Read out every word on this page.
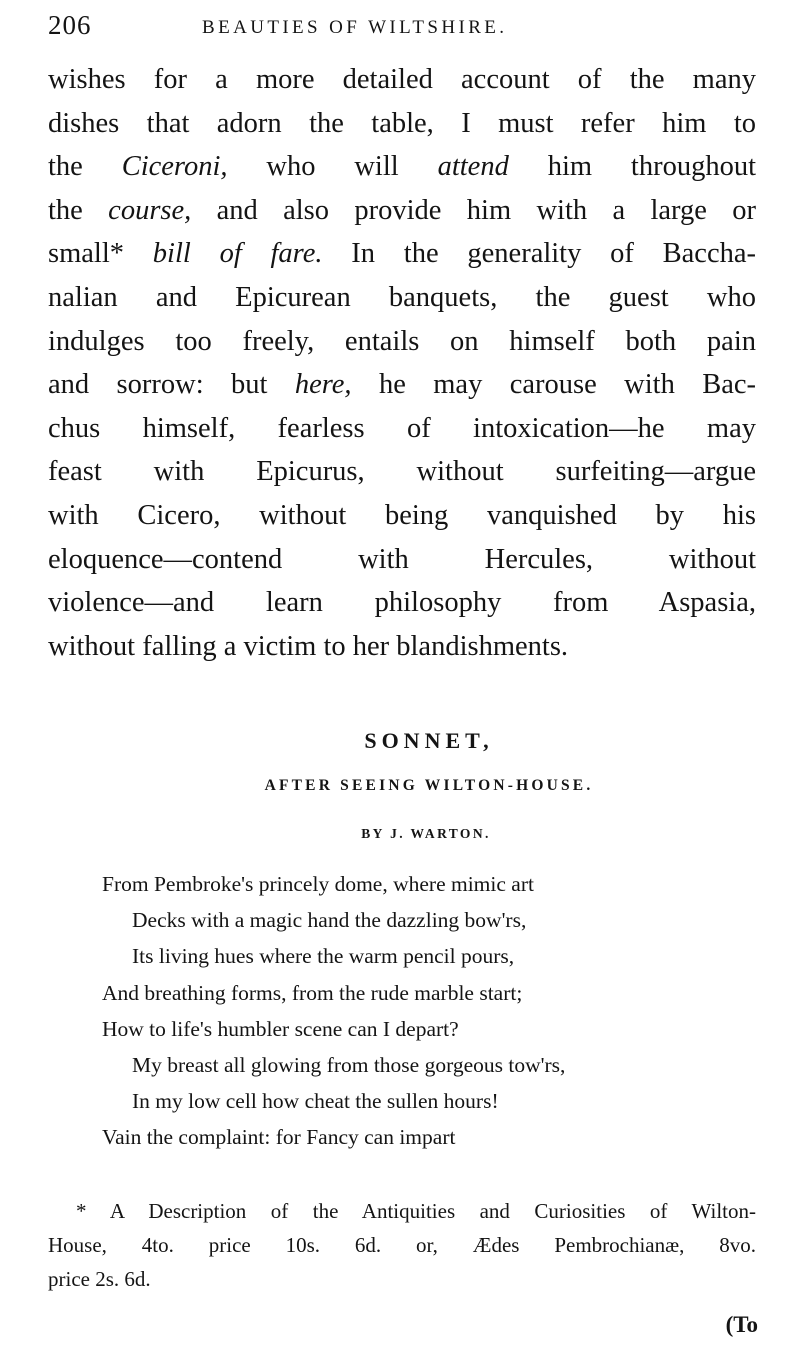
206	BEAUTIES OF WILTSHIRE.
wishes for a more detailed account of the many
dishes that adorn the table, I must refer him to
the Ciceroni, who will attend him throughout
the course, and also provide him with a large or
small* bill of fare. In the generality of Baccha-
nalian and Epicurean banquets, the guest who
indulges too freely, entails on himself both pain
and sorrow: but here, he may carouse with Bac-
chus himself, fearless of intoxication—he may
feast with Epicurus, without surfeiting—argue
with Cicero, without being vanquished by his
eloquence—contend with Hercules, without
violence—and learn philosophy from Aspasia,
without falling a victim to her blandishments.
SONNET,
AFTER SEEING WILTON-HOUSE.
BY J. WARTON.
From Pembroke's princely dome, where mimic art
Decks with a magic hand the dazzling bow'rs,
Its living hues where the warm pencil pours,
And breathing forms, from the rude marble start;
How to life's humbler scene can I depart?
My breast all glowing from those gorgeous tow'rs,
In my low cell how cheat the sullen hours!
Vain the complaint: for Fancy can impart
* A Description of the Antiquities and Curiosities of Wilton-
House, 4to. price 10s. 6d. or, Ædes Pembrochianæ, 8vo.
price 2s. 6d.
(To
